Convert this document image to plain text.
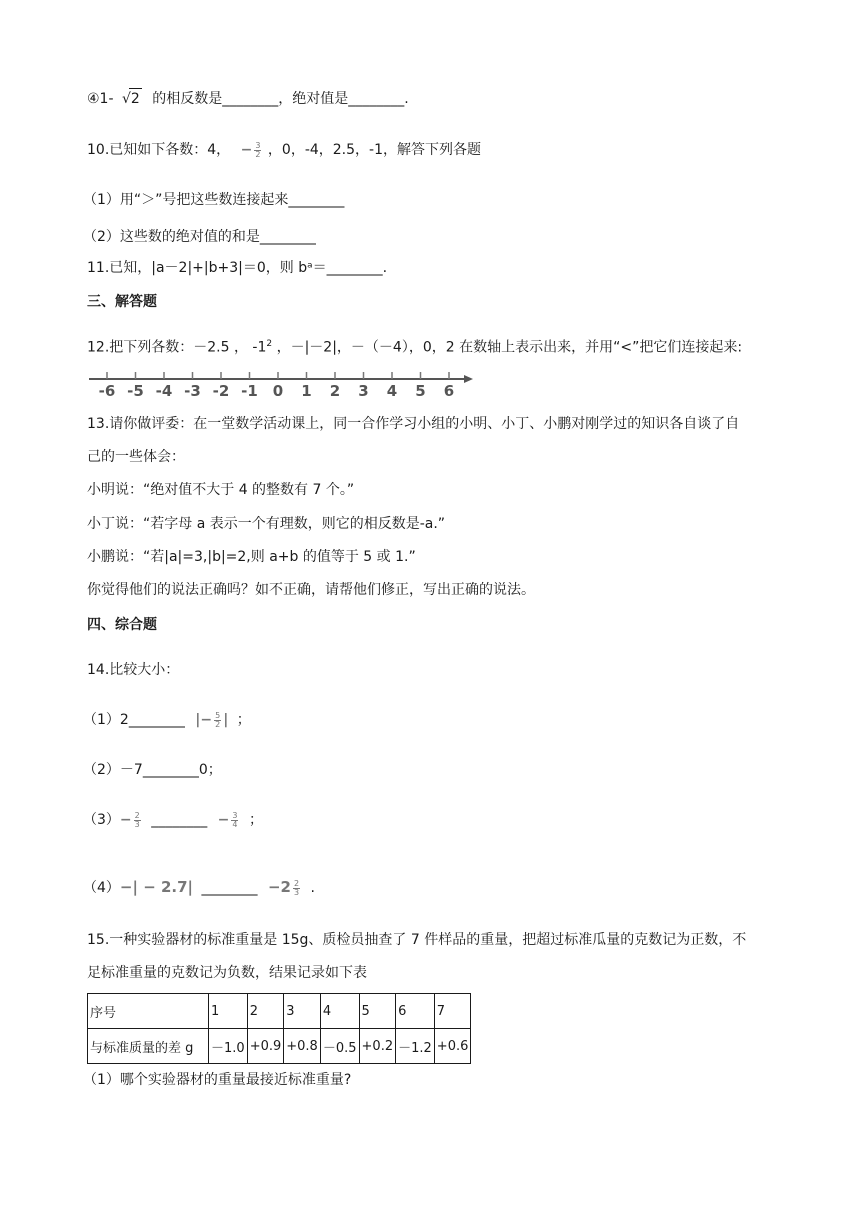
④1- √2 的相反数是________，绝对值是________.
10.已知如下各数：4， − $\frac{3}{2}$ ，0，-4，2.5，-1，解答下列各题
（1）用“＞”号把这些数连接起来________
（2）这些数的绝对值的和是________
11.已知，|a－2|+|b+3|＝0，则 bᵃ＝________.
三、解答题
12.把下列各数：－2.5 ， $-1^2$ ，－|－2|，－（－4），0，2 在数轴上表示出来，并用“<”把它们连接起来:
-6 -5 -4 -3 -2 -1 0 1 2 3 4 5 6
13.请你做评委：在一堂数学活动课上，同一合作学习小组的小明、小丁、小鹏对刚学过的知识各自谈了自
己的一些体会：
小明说：“绝对值不大于 4 的整数有 7 个。”
小丁说：“若字母 a 表示一个有理数，则它的相反数是-a.”
小鹏说：“若|a|=3,|b|=2,则 a+b 的值等于 5 或 1.”
你觉得他们的说法正确吗？如不正确，请帮他们修正，写出正确的说法。
四、综合题
14.比较大小：
（1）2________ |− $\frac{5}{2}$ | ；
（2）－7________0；
$(3)- \frac{2}{3}$ ________ − $\frac{3}{4}$ ；
（4）−| − 2.7| ________ $-2 \frac{2}{3}$ .
15.一种实验器材的标准重量是 15g、质检员抽查了 7 件样品的重量，把超过标准瓜量的克数记为正数，不
足标准重量的克数记为负数，结果记录如下表
序号	1	2	3	4	5	6	7
与标准质量的差 g	－1.0	+0.9	+0.8	－0.5	+0.2	－1.2	+0.6
（1）哪个实验器材的重量最接近标准重量?
